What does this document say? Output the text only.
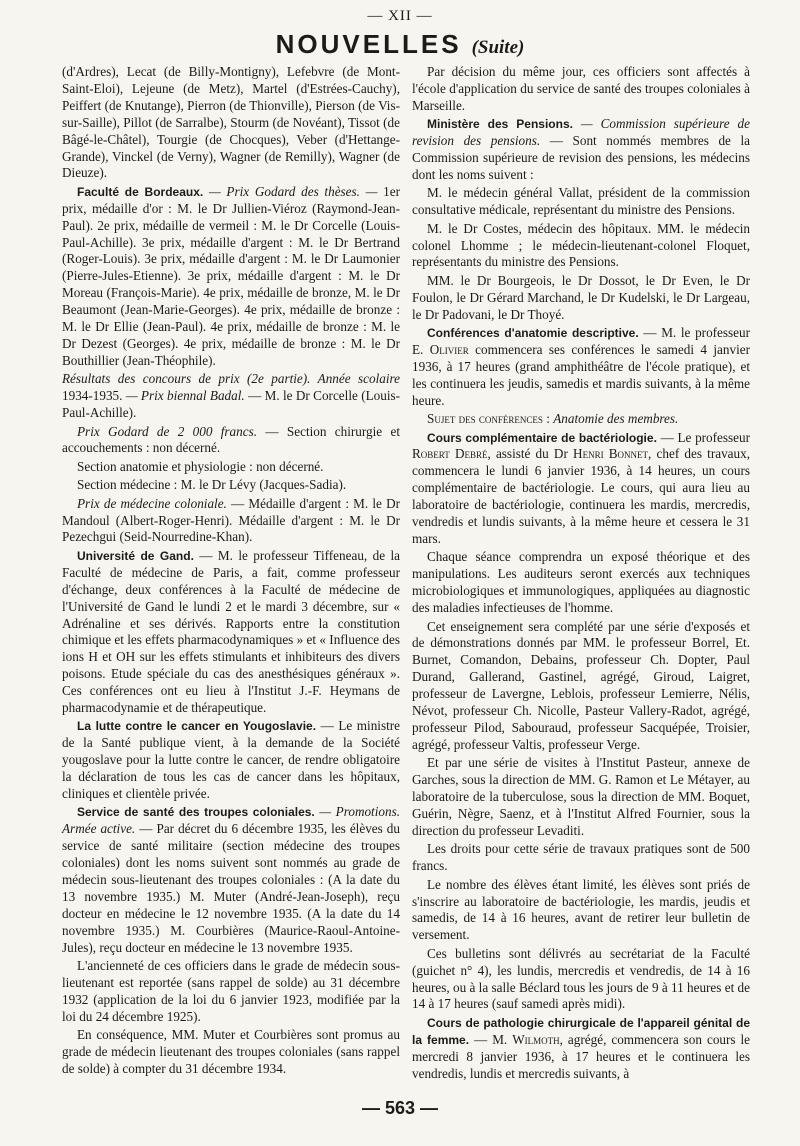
— XII —
NOUVELLES (Suite)

(d'Ardres), Lecat (de Billy-Montigny), Lefebvre (de Mont-Saint-Eloi), Lejeune (de Metz), Martel (d'Estrées-Cauchy), Peiffert (de Knutange), Pierron (de Thionville), Pierson (de Vis-sur-Saille), Pillot (de Sarralbe), Stourm (de Novéant), Tissot (de Bâgé-le-Châtel), Tourgie (de Chocques), Veber (d'Hettange-Grande), Vinckel (de Verny), Wagner (de Remilly), Wagner (de Dieuze).

Faculté de Bordeaux. — Prix Godard des thèses. — 1er prix, médaille d'or : M. le Dr Jullien-Viéroz (Raymond-Jean-Paul). 2e prix, médaille de vermeil : M. le Dr Corcelle (Louis-Paul-Achille). 3e prix, médaille d'argent : M. le Dr Bertrand (Roger-Louis). 3e prix, médaille d'argent : M. le Dr Laumonier (Pierre-Jules-Etienne). 3e prix, médaille d'argent : M. le Dr Moreau (François-Marie). 4e prix, médaille de bronze, M. le Dr Beaumont (Jean-Marie-Georges). 4e prix, médaille de bronze : M. le Dr Ellie (Jean-Paul). 4e prix, médaille de bronze : M. le Dr Dezest (Georges). 4e prix, médaille de bronze : M. le Dr Bouthillier (Jean-Théophile).

Résultats des concours de prix (2e partie). Année scolaire 1934-1935. — Prix biennal Badal. — M. le Dr Corcelle (Louis-Paul-Achille).

Prix Godard de 2 000 francs. — Section chirurgie et accouchements : non décerné.

Section anatomie et physiologie : non décerné.

Section médecine : M. le Dr Lévy (Jacques-Sadia).

Prix de médecine coloniale. — Médaille d'argent : M. le Dr Mandoul (Albert-Roger-Henri). Médaille d'argent : M. le Dr Pezechgui (Seid-Nourredine-Khan).

Université de Gand. — M. le professeur Tiffeneau, de la Faculté de médecine de Paris, a fait, comme professeur d'échange, deux conférences à la Faculté de médecine de l'Université de Gand le lundi 2 et le mardi 3 décembre, sur « Adrénaline et ses dérivés. Rapports entre la constitution chimique et les effets pharmacodynamiques » et « Influence des ions H et OH sur les effets stimulants et inhibiteurs des divers poisons. Etude spéciale du cas des anesthésiques généraux ». Ces conférences ont eu lieu à l'Institut J.-F. Heymans de pharmacodynamie et de thérapeutique.

La lutte contre le cancer en Yougoslavie. — Le ministre de la Santé publique vient, à la demande de la Société yougoslave pour la lutte contre le cancer, de rendre obligatoire la déclaration de tous les cas de cancer dans les hôpitaux, cliniques et clientèle privée.

Service de santé des troupes coloniales. — Promotions. Armée active. — Par décret du 6 décembre 1935, les élèves du service de santé militaire (section médecine des troupes coloniales) dont les noms suivent sont nommés au grade de médecin sous-lieutenant des troupes coloniales : (A la date du 13 novembre 1935.) M. Muter (André-Jean-Joseph), reçu docteur en médecine le 12 novembre 1935. (A la date du 14 novembre 1935.) M. Courbières (Maurice-Raoul-Antoine-Jules), reçu docteur en médecine le 13 novembre 1935.

L'ancienneté de ces officiers dans le grade de médecin sous-lieutenant est reportée (sans rappel de solde) au 31 décembre 1932 (application de la loi du 6 janvier 1923, modifiée par la loi du 24 décembre 1925).

En conséquence, MM. Muter et Courbières sont promus au grade de médecin lieutenant des troupes coloniales (sans rappel de solde) à compter du 31 décembre 1934.

Par décision du même jour, ces officiers sont affectés à l'école d'application du service de santé des troupes coloniales à Marseille.

Ministère des Pensions. — Commission supérieure de revision des pensions. — Sont nommés membres de la Commission supérieure de revision des pensions, les médecins dont les noms suivent :

M. le médecin général Vallat, président de la commission consultative médicale, représentant du ministre des Pensions.

M. le Dr Costes, médecin des hôpitaux. MM. le médecin colonel Lhomme ; le médecin-lieutenant-colonel Floquet, représentants du ministre des Pensions.

MM. le Dr Bourgeois, le Dr Dossot, le Dr Even, le Dr Foulon, le Dr Gérard Marchand, le Dr Kudelski, le Dr Largeau, le Dr Padovani, le Dr Thoyé.

Conférences d'anatomie descriptive. — M. le professeur E. Olivier commencera ses conférences le samedi 4 janvier 1936, à 17 heures (grand amphithéâtre de l'école pratique), et les continuera les jeudis, samedis et mardis suivants, à la même heure.

Sujet des conférences : Anatomie des membres.

Cours complémentaire de bactériologie. — Le professeur Robert Debré, assisté du Dr Henri Bonnet, chef des travaux, commencera le lundi 6 janvier 1936, à 14 heures, un cours complémentaire de bactériologie. Le cours, qui aura lieu au laboratoire de bactériologie, continuera les mardis, mercredis, vendredis et lundis suivants, à la même heure et cessera le 31 mars.

Chaque séance comprendra un exposé théorique et des manipulations. Les auditeurs seront exercés aux techniques microbiologiques et immunologiques, appliquées au diagnostic des maladies infectieuses de l'homme.

Cet enseignement sera complété par une série d'exposés et de démonstrations donnés par MM. le professeur Borrel, Et. Burnet, Comandon, Debains, professeur Ch. Dopter, Paul Durand, Gallerand, Gastinel, agrégé, Giroud, Laigret, professeur de Lavergne, Leblois, professeur Lemierre, Nélis, Névot, professeur Ch. Nicolle, Pasteur Vallery-Radot, agrégé, professeur Pilod, Sabouraud, professeur Sacquépée, Troisier, agrégé, professeur Valtis, professeur Verge.

Et par une série de visites à l'Institut Pasteur, annexe de Garches, sous la direction de MM. G. Ramon et Le Métayer, au laboratoire de la tuberculose, sous la direction de MM. Boquet, Guérin, Nègre, Saenz, et à l'Institut Alfred Fournier, sous la direction du professeur Levaditi.

Les droits pour cette série de travaux pratiques sont de 500 francs.

Le nombre des élèves étant limité, les élèves sont priés de s'inscrire au laboratoire de bactériologie, les mardis, jeudis et samedis, de 14 à 16 heures, avant de retirer leur bulletin de versement.

Ces bulletins sont délivrés au secrétariat de la Faculté (guichet n° 4), les lundis, mercredis et vendredis, de 14 à 16 heures, ou à la salle Béclard tous les jours de 9 à 11 heures et de 14 à 17 heures (sauf samedi après midi).

Cours de pathologie chirurgicale de l'appareil génital de la femme. — M. Wilmoth, agrégé, commencera son cours le mercredi 8 janvier 1936, à 17 heures et le continuera les vendredis, lundis et mercredis suivants, à

— 563 —
